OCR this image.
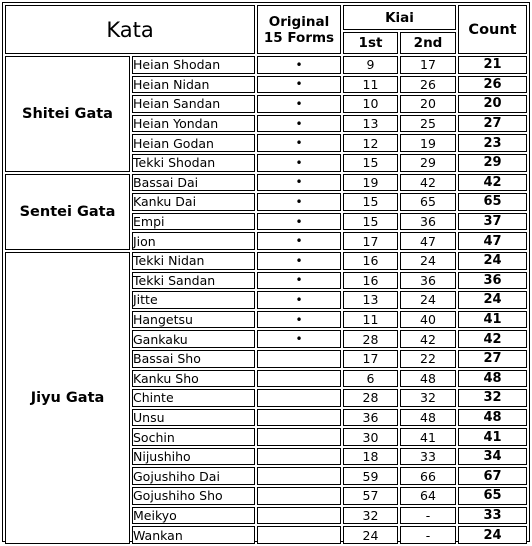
Kata		Original
15 Forms	Kiai		Count
			1st	2nd	
Shitei Gata	Heian Shodan	•	9	17	21
	Heian Nidan	•	11	26	26
	Heian Sandan	•	10	20	20
	Heian Yondan	•	13	25	27
	Heian Godan	•	12	19	23
	Tekki Shodan	•	15	29	29
Sentei Gata	Bassai Dai	•	19	42	42
	Kanku Dai	•	15	65	65
	Empi	•	15	36	37
	Jion	•	17	47	47
Jiyu Gata	Tekki Nidan	•	16	24	24
	Tekki Sandan	•	16	36	36
	Jitte	•	13	24	24
	Hangetsu	•	11	40	41
	Gankaku	•	28	42	42
	Bassai Sho		17	22	27
	Kanku Sho		6	48	48
	Chinte		28	32	32
	Unsu		36	48	48
	Sochin		30	41	41
	Nijushiho		18	33	34
	Gojushiho Dai		59	66	67
	Gojushiho Sho		57	64	65
	Meikyo		32	-	33
	Wankan		24	-	24
